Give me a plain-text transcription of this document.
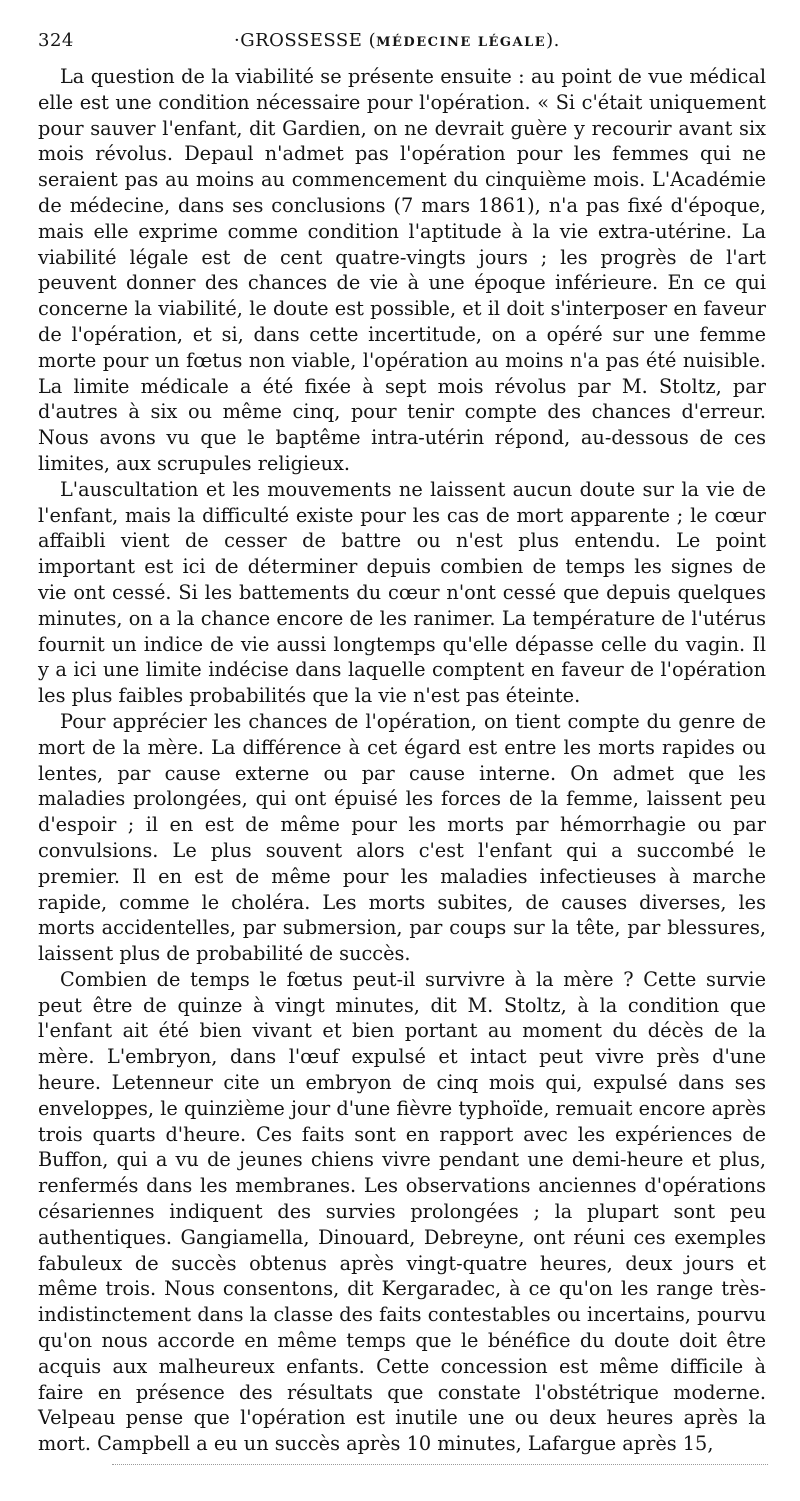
324	·GROSSESSE (MÉDECINE LÉGALE).

La question de la viabilité se présente ensuite : au point de vue médical elle est une condition nécessaire pour l'opération. « Si c'était uniquement pour sauver l'enfant, dit Gardien, on ne devrait guère y recourir avant six mois révolus. Depaul n'admet pas l'opération pour les femmes qui ne seraient pas au moins au commencement du cinquième mois. L'Académie de médecine, dans ses conclusions (7 mars 1861), n'a pas fixé d'époque, mais elle exprime comme condition l'aptitude à la vie extra-utérine. La viabilité légale est de cent quatre-vingts jours ; les progrès de l'art peuvent donner des chances de vie à une époque inférieure. En ce qui concerne la viabilité, le doute est possible, et il doit s'interposer en faveur de l'opération, et si, dans cette incertitude, on a opéré sur une femme morte pour un fœtus non viable, l'opération au moins n'a pas été nuisible. La limite médicale a été fixée à sept mois révolus par M. Stoltz, par d'autres à six ou même cinq, pour tenir compte des chances d'erreur. Nous avons vu que le baptême intra-utérin répond, au-dessous de ces limites, aux scrupules religieux.

L'auscultation et les mouvements ne laissent aucun doute sur la vie de l'enfant, mais la difficulté existe pour les cas de mort apparente ; le cœur affaibli vient de cesser de battre ou n'est plus entendu. Le point important est ici de déterminer depuis combien de temps les signes de vie ont cessé. Si les battements du cœur n'ont cessé que depuis quelques minutes, on a la chance encore de les ranimer. La température de l'utérus fournit un indice de vie aussi longtemps qu'elle dépasse celle du vagin. Il y a ici une limite indécise dans laquelle comptent en faveur de l'opération les plus faibles probabilités que la vie n'est pas éteinte.

Pour apprécier les chances de l'opération, on tient compte du genre de mort de la mère. La différence à cet égard est entre les morts rapides ou lentes, par cause externe ou par cause interne. On admet que les maladies prolongées, qui ont épuisé les forces de la femme, laissent peu d'espoir ; il en est de même pour les morts par hémorrhagie ou par convulsions. Le plus souvent alors c'est l'enfant qui a succombé le premier. Il en est de même pour les maladies infectieuses à marche rapide, comme le choléra. Les morts subites, de causes diverses, les morts accidentelles, par submersion, par coups sur la tête, par blessures, laissent plus de probabilité de succès.

Combien de temps le fœtus peut-il survivre à la mère ? Cette survie peut être de quinze à vingt minutes, dit M. Stoltz, à la condition que l'enfant ait été bien vivant et bien portant au moment du décès de la mère. L'embryon, dans l'œuf expulsé et intact peut vivre près d'une heure. Letenneur cite un embryon de cinq mois qui, expulsé dans ses enveloppes, le quinzième jour d'une fièvre typhoïde, remuait encore après trois quarts d'heure. Ces faits sont en rapport avec les expériences de Buffon, qui a vu de jeunes chiens vivre pendant une demi-heure et plus, renfermés dans les membranes. Les observations anciennes d'opérations césariennes indiquent des survies prolongées ; la plupart sont peu authentiques. Gangiamella, Dinouard, Debreyne, ont réuni ces exemples fabuleux de succès obtenus après vingt-quatre heures, deux jours et même trois. Nous consentons, dit Kergaradec, à ce qu'on les range très-indistinctement dans la classe des faits contestables ou incertains, pourvu qu'on nous accorde en même temps que le bénéfice du doute doit être acquis aux malheureux enfants. Cette concession est même difficile à faire en présence des résultats que constate l'obstétrique moderne. Velpeau pense que l'opération est inutile une ou deux heures après la mort. Campbell a eu un succès après 10 minutes, Lafargue après 15,
